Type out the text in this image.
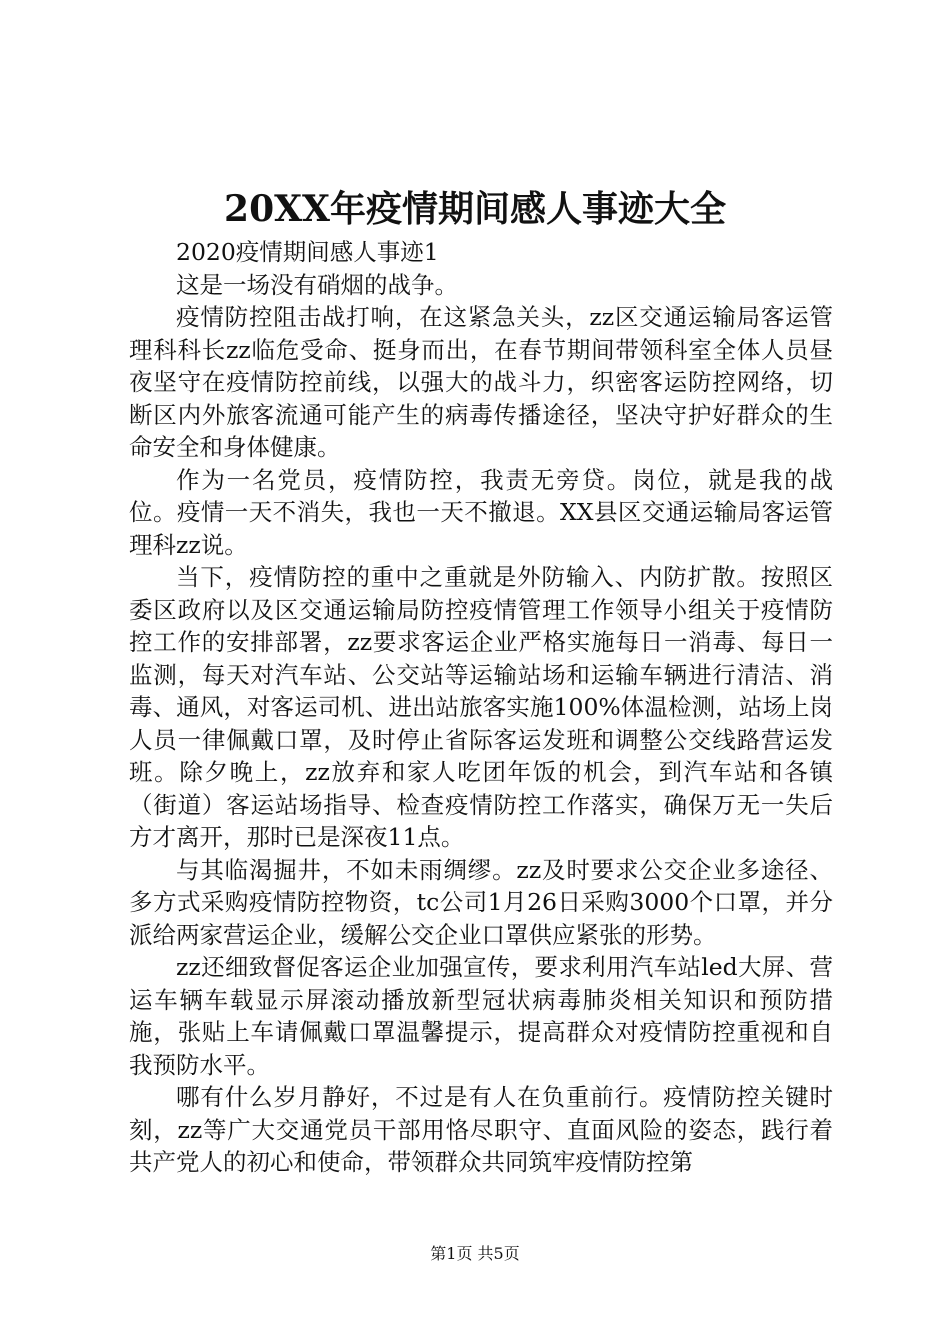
20XX年疫情期间感人事迹大全

2020疫情期间感人事迹1

这是一场没有硝烟的战争。

疫情防控阻击战打响，在这紧急关头，zz区交通运输局客运管理科科长zz临危受命、挺身而出，在春节期间带领科室全体人员昼夜坚守在疫情防控前线，以强大的战斗力，织密客运防控网络，切断区内外旅客流通可能产生的病毒传播途径，坚决守护好群众的生命安全和身体健康。

作为一名党员，疫情防控，我责无旁贷。岗位，就是我的战位。疫情一天不消失，我也一天不撤退。XX县区交通运输局客运管理科zz说。

当下，疫情防控的重中之重就是外防输入、内防扩散。按照区委区政府以及区交通运输局防控疫情管理工作领导小组关于疫情防控工作的安排部署，zz要求客运企业严格实施每日一消毒、每日一监测，每天对汽车站、公交站等运输站场和运输车辆进行清洁、消毒、通风，对客运司机、进出站旅客实施100%体温检测，站场上岗人员一律佩戴口罩，及时停止省际客运发班和调整公交线路营运发班。除夕晚上，zz放弃和家人吃团年饭的机会，到汽车站和各镇（街道）客运站场指导、检查疫情防控工作落实，确保万无一失后方才离开，那时已是深夜11点。

与其临渴掘井，不如未雨绸缪。zz及时要求公交企业多途径、多方式采购疫情防控物资，tc公司1月26日采购3000个口罩，并分派给两家营运企业，缓解公交企业口罩供应紧张的形势。

zz还细致督促客运企业加强宣传，要求利用汽车站led大屏、营运车辆车载显示屏滚动播放新型冠状病毒肺炎相关知识和预防措施，张贴上车请佩戴口罩温馨提示，提高群众对疫情防控重视和自我预防水平。

哪有什么岁月静好，不过是有人在负重前行。疫情防控关键时刻，zz等广大交通党员干部用恪尽职守、直面风险的姿态，践行着共产党人的初心和使命，带领群众共同筑牢疫情防控第

第1页 共5页
